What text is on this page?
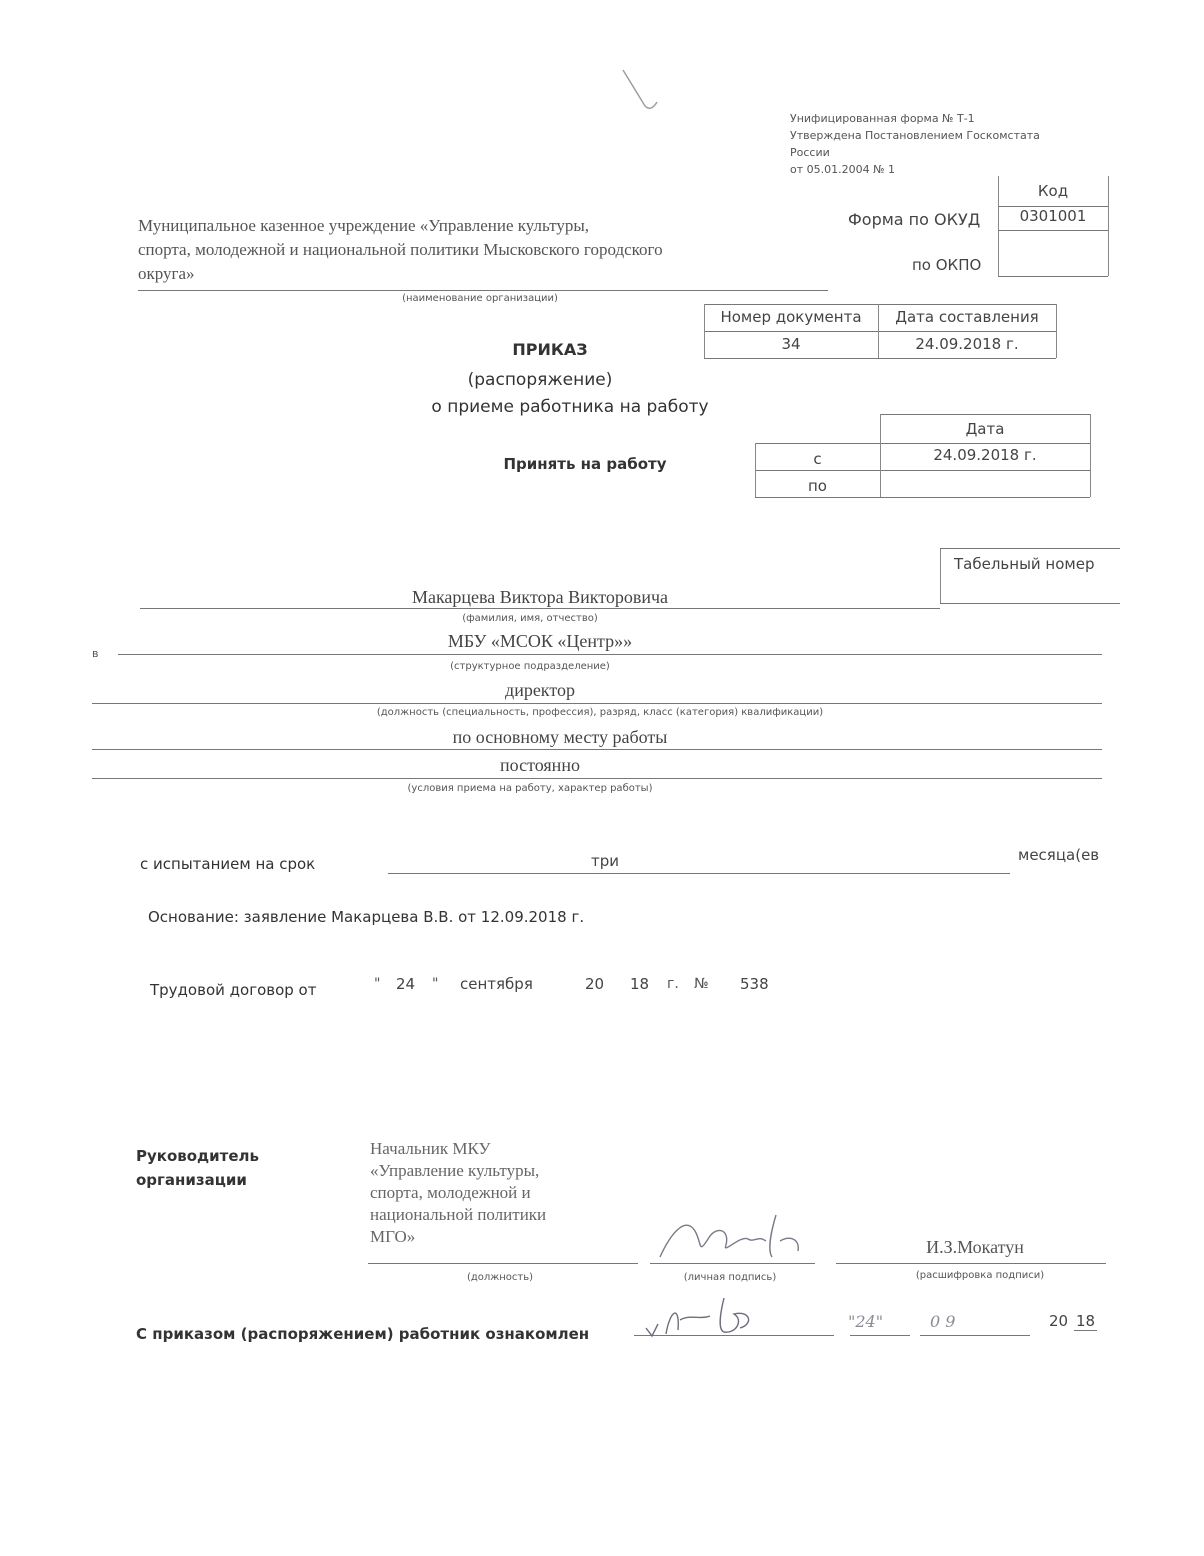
Унифицированная форма № Т-1
Утверждена Постановлением Госкомстата
России
от 05.01.2004 № 1
Код
Форма по ОКУД	0301001
по ОКПО
Муниципальное казенное учреждение «Управление культуры,
спорта, молодежной и национальной политики Мысковского городского
округа»
(наименование организации)
Номер документа	Дата составления
34	24.09.2018 г.
ПРИКАЗ
(распоряжение)
о приеме работника на работу
Дата
с	24.09.2018 г.
по
Принять на работу
Табельный номер
Макарцева Виктора Викторовича
(фамилия, имя, отчество)
в
МБУ «МСОК «Центр»»
(структурное подразделение)
директор
(должность (специальность, профессия), разряд, класс (категория) квалификации)
по основному месту работы
постоянно
(условия приема на работу, характер работы)
с испытанием на срок	три	месяца(ев
Основание: заявление Макарцева В.В. от 12.09.2018 г.
Трудовой договор от	" 24 " сентября	20 18 г. № 538
Руководитель
организации
Начальник МКУ
«Управление культуры,
спорта, молодежной и
национальной политики
МГО»
(должность)	(личная подпись)
И.З.Мокатун
(расшифровка подписи)
С приказом (распоряжением) работник ознакомлен
"24"	0 9	20 18
